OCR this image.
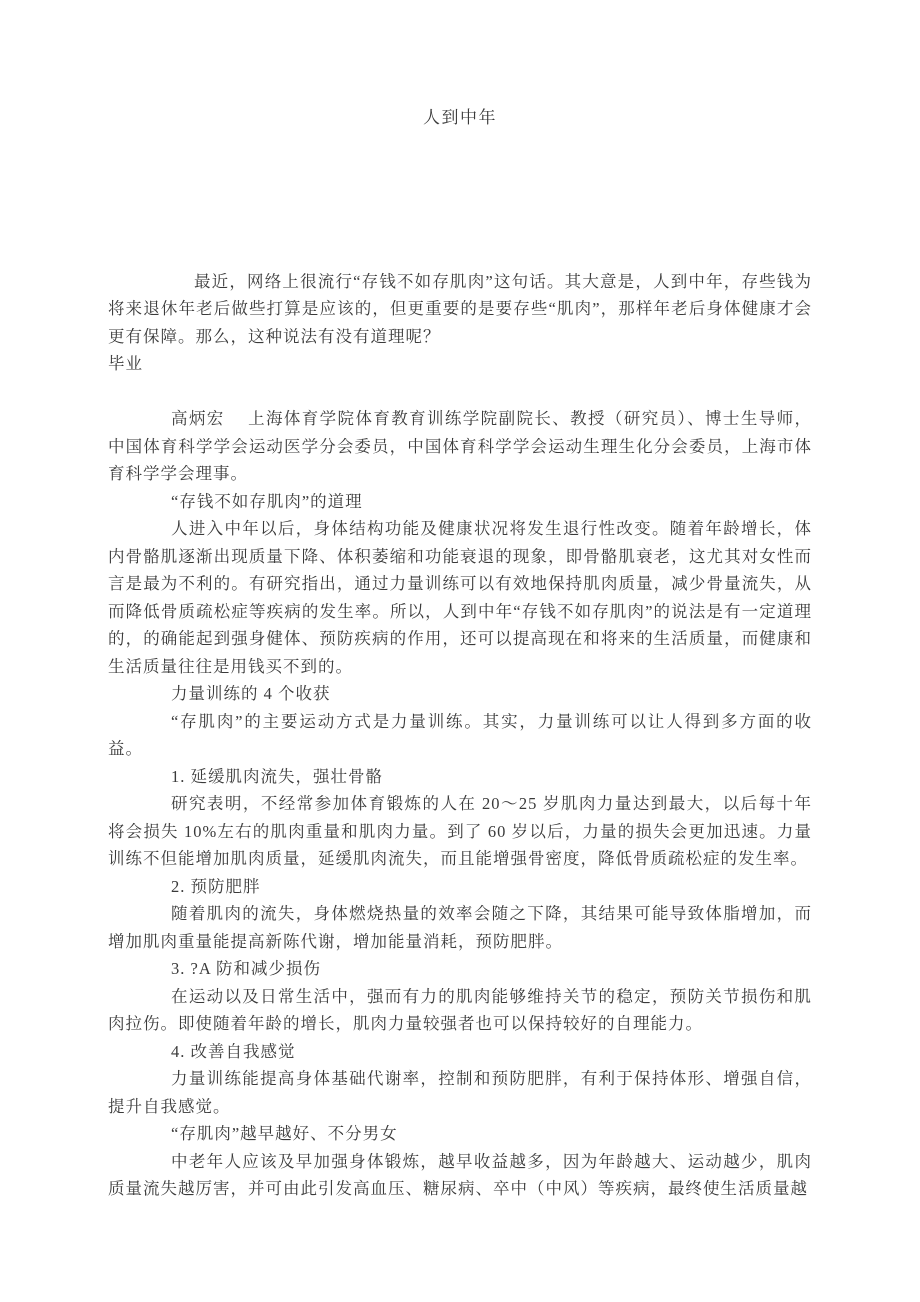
人到中年

最近，网络上很流行“存钱不如存肌肉”这句话。其大意是，人到中年，存些钱为将来退休年老后做些打算是应该的，但更重要的是要存些“肌肉”，那样年老后身体健康才会更有保障。那么，这种说法有没有道理呢？

毕业

高炳宏　 上海体育学院体育教育训练学院副院长、教授（研究员）、博士生导师，中国体育科学学会运动医学分会委员，中国体育科学学会运动生理生化分会委员，上海市体育科学学会理事。

“存钱不如存肌肉”的道理

人进入中年以后，身体结构功能及健康状况将发生退行性改变。随着年龄增长，体内骨骼肌逐渐出现质量下降、体积萎缩和功能衰退的现象，即骨骼肌衰老，这尤其对女性而言是最为不利的。有研究指出，通过力量训练可以有效地保持肌肉质量，减少骨量流失，从而降低骨质疏松症等疾病的发生率。所以，人到中年“存钱不如存肌肉”的说法是有一定道理的，的确能起到强身健体、预防疾病的作用，还可以提高现在和将来的生活质量，而健康和生活质量往往是用钱买不到的。

力量训练的 4 个收获

“存肌肉”的主要运动方式是力量训练。其实，力量训练可以让人得到多方面的收益。

1. 延缓肌肉流失，强壮骨骼

研究表明，不经常参加体育锻炼的人在 20～25 岁肌肉力量达到最大，以后每十年将会损失 10%左右的肌肉重量和肌肉力量。到了 60 岁以后，力量的损失会更加迅速。力量训练不但能增加肌肉质量，延缓肌肉流失，而且能增强骨密度，降低骨质疏松症的发生率。

2. 预防肥胖

随着肌肉的流失，身体燃烧热量的效率会随之下降，其结果可能导致体脂增加，而增加肌肉重量能提高新陈代谢，增加能量消耗，预防肥胖。

3. ?A 防和减少损伤

在运动以及日常生活中，强而有力的肌肉能够维持关节的稳定，预防关节损伤和肌肉拉伤。即使随着年龄的增长，肌肉力量较强者也可以保持较好的自理能力。

4. 改善自我感觉

力量训练能提高身体基础代谢率，控制和预防肥胖，有利于保持体形、增强自信，提升自我感觉。

“存肌肉”越早越好、不分男女

中老年人应该及早加强身体锻炼，越早收益越多，因为年龄越大、运动越少，肌肉质量流失越厉害，并可由此引发高血压、糖尿病、卒中（中风）等疾病，最终使生活质量越
